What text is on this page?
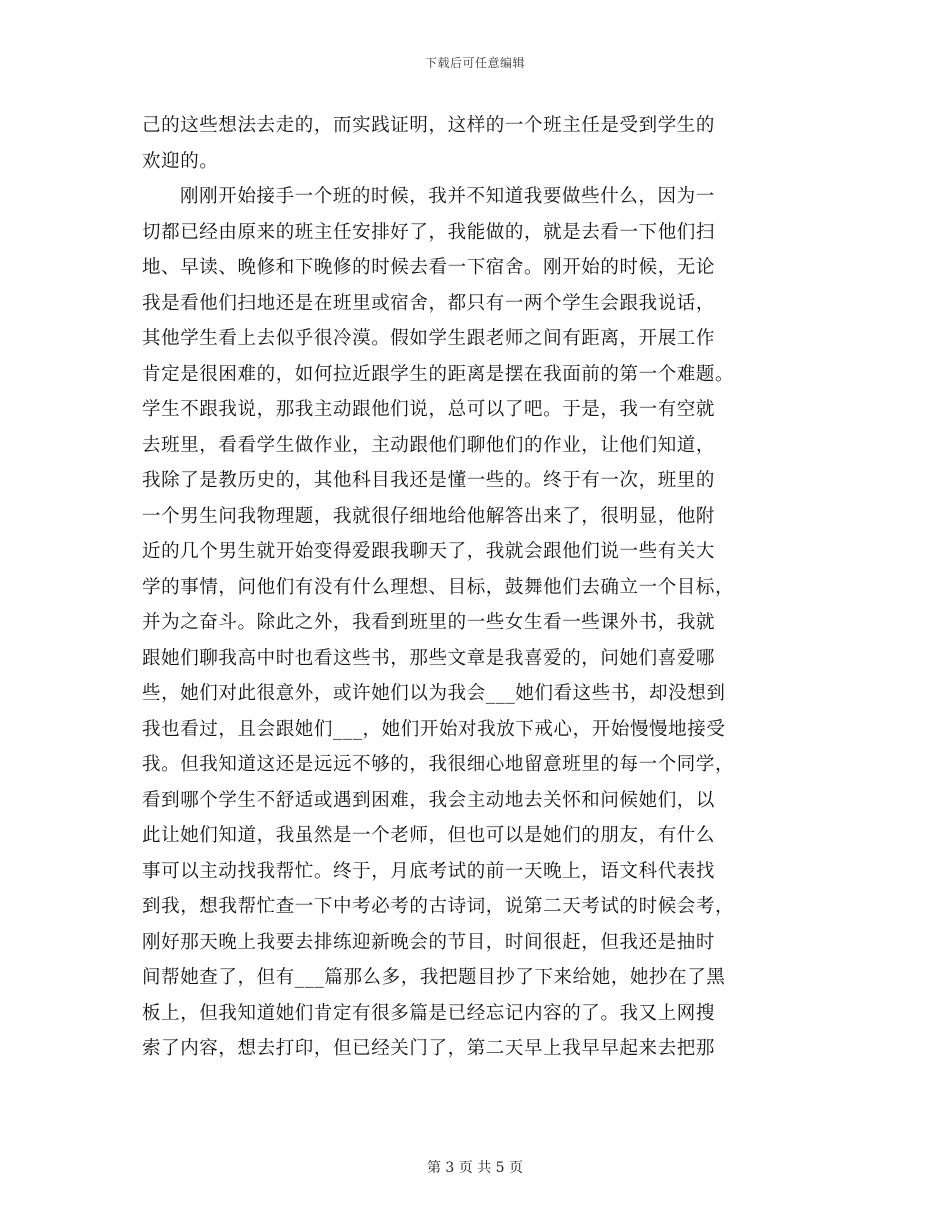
下载后可任意编辑
己的这些想法去走的，而实践证明，这样的一个班主任是受到学生的
欢迎的。
刚刚开始接手一个班的时候，我并不知道我要做些什么，因为一
切都已经由原来的班主任安排好了，我能做的，就是去看一下他们扫
地、早读、晚修和下晚修的时候去看一下宿舍。刚开始的时候，无论
我是看他们扫地还是在班里或宿舍，都只有一两个学生会跟我说话，
其他学生看上去似乎很冷漠。假如学生跟老师之间有距离，开展工作
肯定是很困难的，如何拉近跟学生的距离是摆在我面前的第一个难题。
学生不跟我说，那我主动跟他们说，总可以了吧。于是，我一有空就
去班里，看看学生做作业，主动跟他们聊他们的作业，让他们知道，
我除了是教历史的，其他科目我还是懂一些的。终于有一次，班里的
一个男生问我物理题，我就很仔细地给他解答出来了，很明显，他附
近的几个男生就开始变得爱跟我聊天了，我就会跟他们说一些有关大
学的事情，问他们有没有什么理想、目标，鼓舞他们去确立一个目标，
并为之奋斗。除此之外，我看到班里的一些女生看一些课外书，我就
跟她们聊我高中时也看这些书，那些文章是我喜爱的，问她们喜爱哪
些，她们对此很意外，或许她们以为我会___她们看这些书，却没想到
我也看过，且会跟她们___，她们开始对我放下戒心，开始慢慢地接受
我。但我知道这还是远远不够的，我很细心地留意班里的每一个同学，
看到哪个学生不舒适或遇到困难，我会主动地去关怀和问候她们，以
此让她们知道，我虽然是一个老师，但也可以是她们的朋友，有什么
事可以主动找我帮忙。终于，月底考试的前一天晚上，语文科代表找
到我，想我帮忙查一下中考必考的古诗词，说第二天考试的时候会考，
刚好那天晚上我要去排练迎新晚会的节目，时间很赶，但我还是抽时
间帮她查了，但有___篇那么多，我把题目抄了下来给她，她抄在了黑
板上，但我知道她们肯定有很多篇是已经忘记内容的了。我又上网搜
索了内容，想去打印，但已经关门了，第二天早上我早早起来去把那
第 3 页 共 5 页
